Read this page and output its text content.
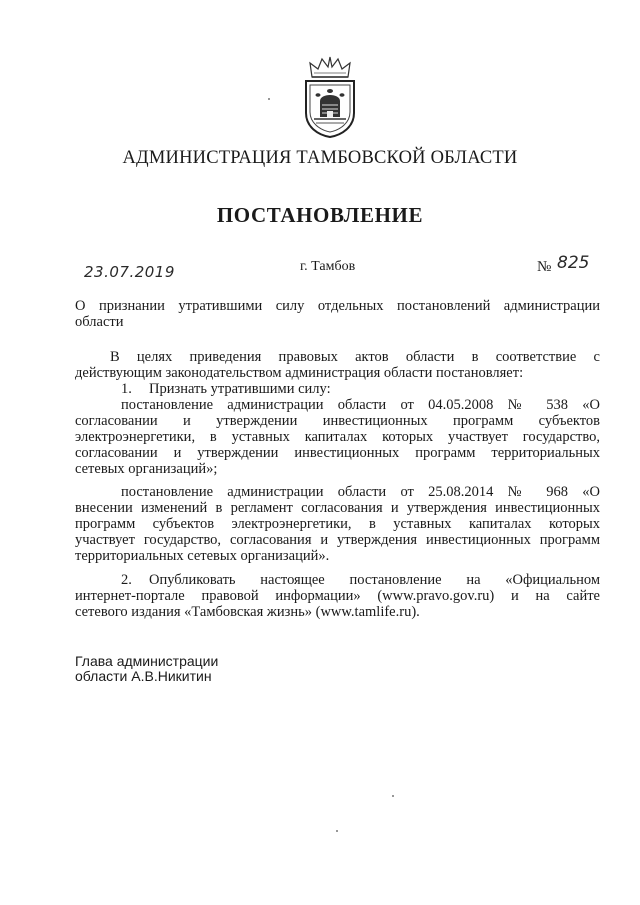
АДМИНИСТРАЦИЯ ТАМБОВСКОЙ ОБЛАСТИ
ПОСТАНОВЛЕНИЕ
23.07.2019	г. Тамбов	№ 825
О признании утратившими силу отдельных постановлений администрации
области
В целях приведения правовых актов области в соответствие с
действующим законодательством администрация области постановляет:
1.	Признать утратившими силу:
постановление администрации области от 04.05.2008 № 538 «О
согласовании и утверждении инвестиционных программ субъектов
электроэнергетики, в уставных капиталах которых участвует государство,
согласовании и утверждении инвестиционных программ территориальных
сетевых организаций»;
постановление администрации области от 25.08.2014 № 968 «О
внесении изменений в регламент согласования и утверждения инвестиционных
программ субъектов электроэнергетики, в уставных капиталах которых
участвует государство, согласования и утверждения инвестиционных программ
территориальных сетевых организаций».
2.	Опубликовать настоящее постановление на «Официальном
интернет-портале правовой информации» (www.pravo.gov.ru) и на сайте
сетевого издания «Тамбовская жизнь» (www.tamlife.ru).
Глава администрации
области А.В.Никитин
